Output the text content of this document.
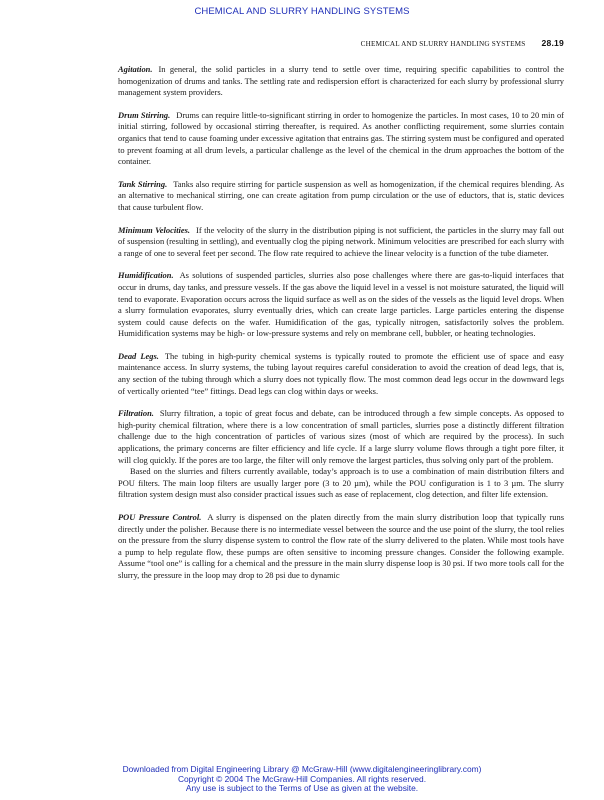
CHEMICAL AND SLURRY HANDLING SYSTEMS
CHEMICAL AND SLURRY HANDLING SYSTEMS 28.19

Agitation. In general, the solid particles in a slurry tend to settle over time, requiring specific capabilities to control the homogenization of drums and tanks. The settling rate and redispersion effort is characterized for each slurry by professional slurry management system providers.

Drum Stirring. Drums can require little-to-significant stirring in order to homogenize the particles. In most cases, 10 to 20 min of initial stirring, followed by occasional stirring thereafter, is required. As another conflicting requirement, some slurries contain organics that tend to cause foaming under excessive agitation that entrains gas. The stirring system must be configured and operated to prevent foaming at all drum levels, a particular challenge as the level of the chemical in the drum approaches the bottom of the container.

Tank Stirring. Tanks also require stirring for particle suspension as well as homogenization, if the chemical requires blending. As an alternative to mechanical stirring, one can create agitation from pump circulation or the use of eductors, that is, static devices that cause turbulent flow.

Minimum Velocities. If the velocity of the slurry in the distribution piping is not sufficient, the particles in the slurry may fall out of suspension (resulting in settling), and eventually clog the piping network. Minimum velocities are prescribed for each slurry with a range of one to several feet per second. The flow rate required to achieve the linear velocity is a function of the tube diameter.

Humidification. As solutions of suspended particles, slurries also pose challenges where there are gas-to-liquid interfaces that occur in drums, day tanks, and pressure vessels. If the gas above the liquid level in a vessel is not moisture saturated, the liquid will tend to evaporate. Evaporation occurs across the liquid surface as well as on the sides of the vessels as the liquid level drops. When a slurry formulation evaporates, slurry eventually dries, which can create large particles. Large particles entering the dispense system could cause defects on the wafer. Humidification of the gas, typically nitrogen, satisfactorily solves the problem. Humidification systems may be high- or low-pressure systems and rely on membrane cell, bubbler, or heating technologies.

Dead Legs. The tubing in high-purity chemical systems is typically routed to promote the efficient use of space and easy maintenance access. In slurry systems, the tubing layout requires careful consideration to avoid the creation of dead legs, that is, any section of the tubing through which a slurry does not typically flow. The most common dead legs occur in the downward legs of vertically oriented “tee” fittings. Dead legs can clog within days or weeks.

Filtration. Slurry filtration, a topic of great focus and debate, can be introduced through a few simple concepts. As opposed to high-purity chemical filtration, where there is a low concentration of small particles, slurries pose a distinctly different filtration challenge due to the high concentration of particles of various sizes (most of which are required by the process). In such applications, the primary concerns are filter efficiency and life cycle. If a large slurry volume flows through a tight pore filter, it will clog quickly. If the pores are too large, the filter will only remove the largest particles, thus solving only part of the problem.

Based on the slurries and filters currently available, today’s approach is to use a combination of main distribution filters and POU filters. The main loop filters are usually larger pore (3 to 20 µm), while the POU configuration is 1 to 3 µm. The slurry filtration system design must also consider practical issues such as ease of replacement, clog detection, and filter life extension.

POU Pressure Control. A slurry is dispensed on the platen directly from the main slurry distribution loop that typically runs directly under the polisher. Because there is no intermediate vessel between the source and the use point of the slurry, the tool relies on the pressure from the slurry dispense system to control the flow rate of the slurry delivered to the platen. While most tools have a pump to help regulate flow, these pumps are often sensitive to incoming pressure changes. Consider the following example. Assume “tool one” is calling for a chemical and the pressure in the main slurry dispense loop is 30 psi. If two more tools call for the slurry, the pressure in the loop may drop to 28 psi due to dynamic

Downloaded from Digital Engineering Library @ McGraw-Hill (www.digitalengineeringlibrary.com)
Copyright © 2004 The McGraw-Hill Companies. All rights reserved.
Any use is subject to the Terms of Use as given at the website.
